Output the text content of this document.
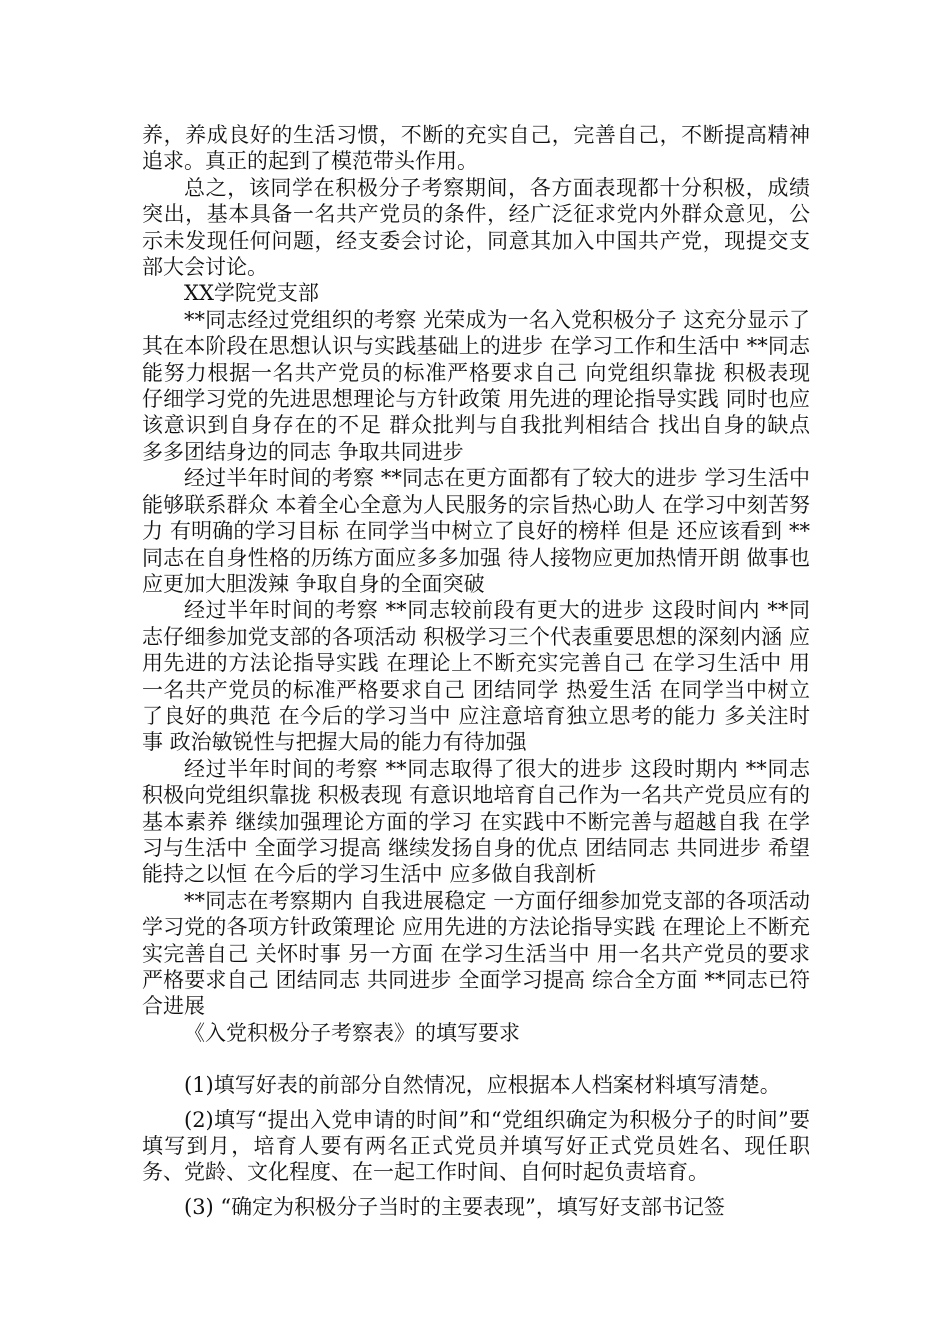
养，养成良好的生活习惯，不断的充实自己，完善自己，不断提高精神追求。真正的起到了模范带头作用。

总之，该同学在积极分子考察期间，各方面表现都十分积极，成绩突出，基本具备一名共产党员的条件，经广泛征求党内外群众意见，公示未发现任何问题，经支委会讨论，同意其加入中国共产党，现提交支部大会讨论。

XX学院党支部

**同志经过党组织的考察 光荣成为一名入党积极分子 这充分显示了其在本阶段在思想认识与实践基础上的进步 在学习工作和生活中 **同志能努力根据一名共产党员的标准严格要求自己 向党组织靠拢 积极表现 仔细学习党的先进思想理论与方针政策 用先进的理论指导实践 同时也应该意识到自身存在的不足 群众批判与自我批判相结合 找出自身的缺点 多多团结身边的同志 争取共同进步

经过半年时间的考察 **同志在更方面都有了较大的进步 学习生活中 能够联系群众 本着全心全意为人民服务的宗旨热心助人 在学习中刻苦努力 有明确的学习目标 在同学当中树立了良好的榜样 但是 还应该看到 **同志在自身性格的历练方面应多多加强 待人接物应更加热情开朗 做事也应更加大胆泼辣 争取自身的全面突破

经过半年时间的考察 **同志较前段有更大的进步 这段时间内 **同志仔细参加党支部的各项活动 积极学习三个代表重要思想的深刻内涵 应用先进的方法论指导实践 在理论上不断充实完善自己 在学习生活中 用一名共产党员的标准严格要求自己 团结同学 热爱生活 在同学当中树立了良好的典范 在今后的学习当中 应注意培育独立思考的能力 多关注时事 政治敏锐性与把握大局的能力有待加强

经过半年时间的考察 **同志取得了很大的进步 这段时期内 **同志积极向党组织靠拢 积极表现 有意识地培育自己作为一名共产党员应有的基本素养 继续加强理论方面的学习 在实践中不断完善与超越自我 在学习与生活中 全面学习提高 继续发扬自身的优点 团结同志 共同进步 希望能持之以恒 在今后的学习生活中 应多做自我剖析

**同志在考察期内 自我进展稳定 一方面仔细参加党支部的各项活动 学习党的各项方针政策理论 应用先进的方法论指导实践 在理论上不断充实完善自己 关怀时事 另一方面 在学习生活当中 用一名共产党员的要求严格要求自己 团结同志 共同进步 全面学习提高 综合全方面 **同志已符合进展

《入党积极分子考察表》的填写要求

(1)填写好表的前部分自然情况，应根据本人档案材料填写清楚。

(2)填写“提出入党申请的时间”和“党组织确定为积极分子的时间”要填写到月，培育人要有两名正式党员并填写好正式党员姓名、现任职务、党龄、文化程度、在一起工作时间、自何时起负责培育。

(3) “确定为积极分子当时的主要表现”，填写好支部书记签
